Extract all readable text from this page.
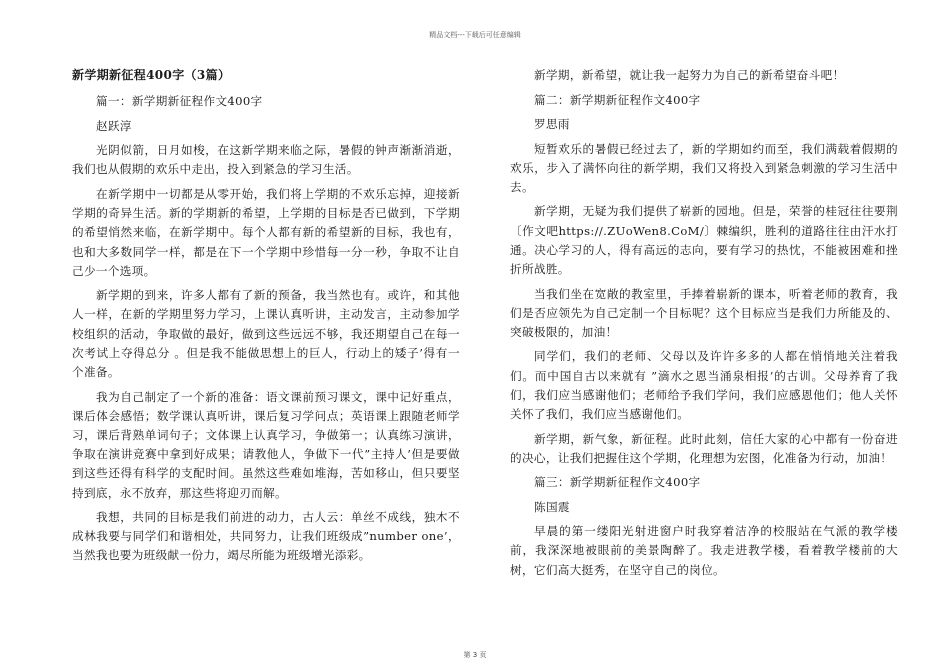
精品文档---下载后可任意编辑

新学期新征程400字（3篇）

篇一：新学期新征程作文400字

赵跃淳

光阴似箭，日月如梭，在这新学期来临之际，暑假的钟声渐渐消逝，我们也从假期的欢乐中走出，投入到紧急的学习生活。

在新学期中一切都是从零开始，我们将上学期的不欢乐忘掉，迎接新学期的奇异生活。新的学期新的希望，上学期的目标是否已做到，下学期的希望悄然来临，在新学期中。每个人都有新的希望新的目标，我也有，也和大多数同学一样，都是在下一个学期中珍惜每一分一秒，争取不让自己少一个选项。

新学期的到来，许多人都有了新的预备，我当然也有。或许，和其他人一样，在新的学期里努力学习，上课认真听讲，主动发言，主动参加学校组织的活动，争取做的最好，做到这些远远不够，我还期望自己在每一次考试上夺得总分 。但是我不能做思想上的巨人，行动上的矮子’得有一个准备。

我为自己制定了一个新的准备：语文课前预习课文，课中记好重点，课后体会感悟；数学课认真听讲，课后复习学问点；英语课上跟随老师学习，课后背熟单词句子；文体课上认真学习，争做第一；认真练习演讲，争取在演讲竞赛中拿到好成果；请教他人，争做下一代”主持人’但是要做到这些还得有科学的支配时间。虽然这些难如堆海，苦如移山，但只要坚持到底，永不放弃，那这些将迎刃而解。

我想，共同的目标是我们前进的动力，古人云：单丝不成线，独木不成林我要与同学们和谐相处，共同努力，让我们班级成”number one’，当然我也要为班级献一份力，竭尽所能为班级增光添彩。

新学期，新希望，就让我一起努力为自己的新希望奋斗吧！

篇二：新学期新征程作文400字

罗思雨

短暂欢乐的暑假已经过去了，新的学期如约而至，我们满载着假期的欢乐，步入了满怀向往的新学期，我们又将投入到紧急刺激的学习生活中去。

新学期，无疑为我们提供了崭新的园地。但是，荣誉的桂冠往往要荆〔作文吧https://.ZUoWen8.CoM/〕棘编织，胜利的道路往往由汗水打通。决心学习的人，得有高远的志向，要有学习的热忱，不能被困难和挫折所战胜。

当我们坐在宽敞的教室里，手捧着崭新的课本，听着老师的教育，我们是否应领先为自己定制一个目标呢？这个目标应当是我们力所能及的、突破极限的，加油！

同学们，我们的老师、父母以及许许多多的人都在悄悄地关注着我们。而中国自古以来就有 ”滴水之恩当涌泉相报’的古训。父母养育了我们，我们应当感谢他们；老师给予我们学问，我们应感恩他们；他人关怀关怀了我们，我们应当感谢他们。

新学期，新气象，新征程。此时此刻，信任大家的心中都有一份奋进的决心，让我们把握住这个学期，化理想为宏图，化准备为行动，加油！

篇三：新学期新征程作文400字

陈国震

早晨的第一缕阳光射进窗户时我穿着洁净的校服站在气派的教学楼前，我深深地被眼前的美景陶醉了。我走进教学楼，看着教学楼前的大树，它们高大挺秀，在坚守自己的岗位。

第 3 页
